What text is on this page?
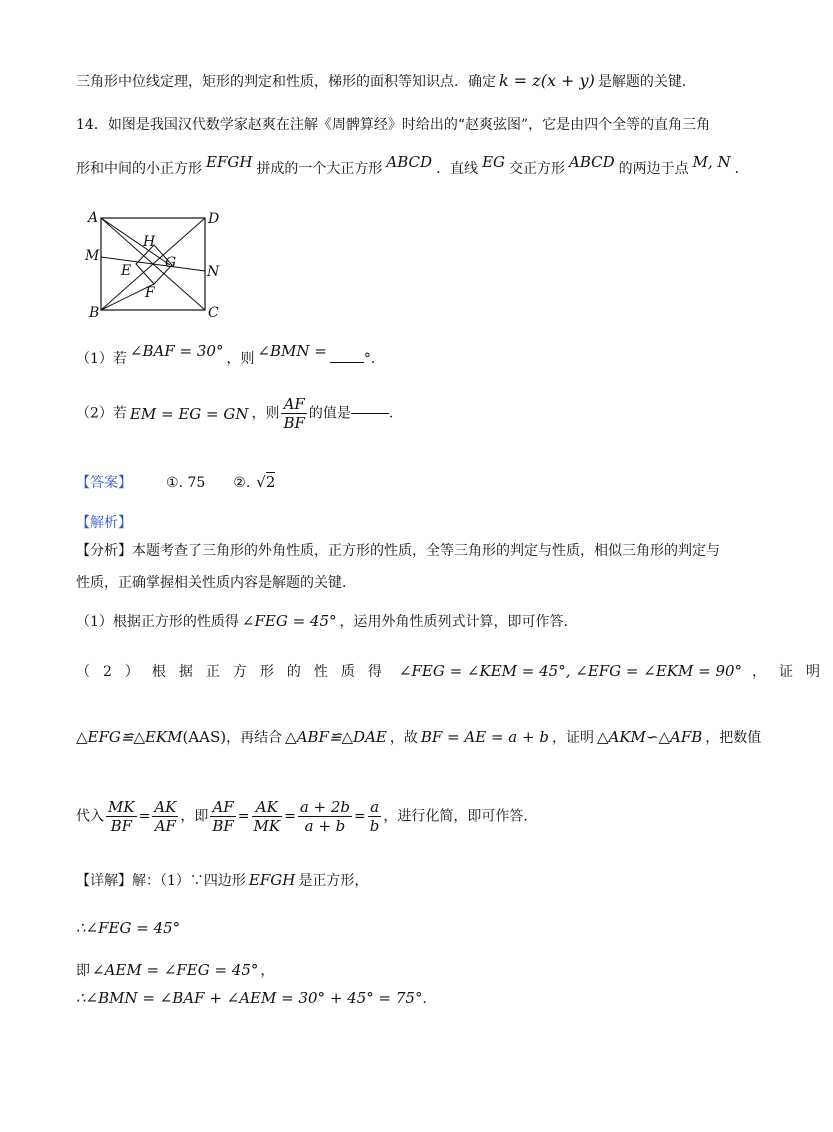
三角形中位线定理，矩形的判定和性质，梯形的面积等知识点．确定 k = z(x + y) 是解题的关键．
14．如图是我国汉代数学家赵爽在注解《周髀算经》时给出的“赵爽弦图”，它是由四个全等的直角三角
形和中间的小正方形 EFGH 拼成的一个大正方形 ABCD ．直线 EG 交正方形 ABCD 的两边于点 M, N ．
A	D
M
H
E G
N
F
B	C
（1）若 ∠BAF = 30° ，则 ∠BMN =	°.
（2）若 EM = EG = GN ，则 $\frac{AF}{BF}$ 的值是	.
【答案】 ①. 75 ②. √2
【解析】
【分析】本题考查了三角形的外角性质，正方形的性质，全等三角形的判定与性质，相似三角形的判定与
性质，正确掌握相关性质内容是解题的关键．
（1）根据正方形的性质得 ∠FEG = 45° ，运用外角性质列式计算，即可作答．
（2）根据正方形的性质得 ∠FEG = ∠KEM = 45°, ∠EFG = ∠EKM = 90° ，证明
△EFG≌△EKM(AAS)，再结合 △ABF≌△DAE ，故 BF = AE = a + b ，证明 △AKM∽△AFB ，把数值
代入 $\frac{MK}{BF} = \frac{AK}{AF}$ ，即 $\frac{AF}{BF} = \frac{AK}{MK} = \frac{a + 2b}{a + b} = \frac{a}{b}$ ，进行化简，即可作答．
【详解】解：（1）∵四边形 EFGH 是正方形，
∴∠FEG = 45°
即 ∠AEM = ∠FEG = 45° ，
∴∠BMN = ∠BAF + ∠AEM = 30° + 45° = 75°．
